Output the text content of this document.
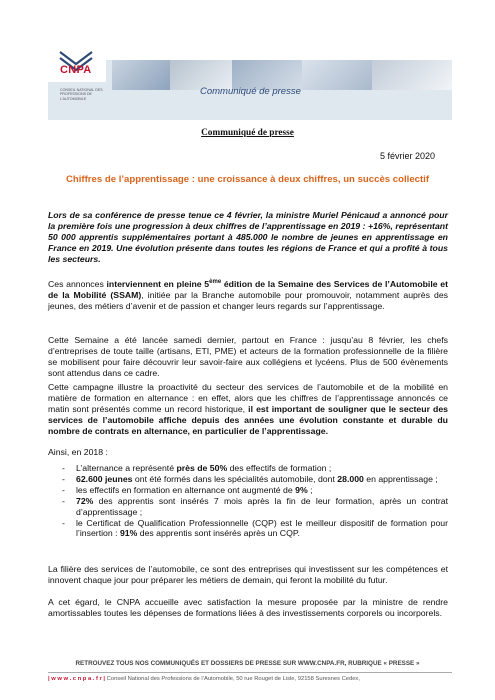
CNPA
CONSEIL NATIONAL DES PROFESSIONS DE L'AUTOMOBILE
Communiqué de presse
Communiqué de presse
5 février 2020
Chiffres de l’apprentissage : une croissance à deux chiffres, un succès collectif
Lors de sa conférence de presse tenue ce 4 février, la ministre Muriel Pénicaud a annoncé pour la première fois une progression à deux chiffres de l’apprentissage en 2019 : +16%, représentant 50 000 apprentis supplémentaires portant à 485.000 le nombre de jeunes en apprentissage en France en 2019. Une évolution présente dans toutes les régions de France et qui a profité à tous les secteurs.
Ces annonces interviennent en pleine 5ème édition de la Semaine des Services de l’Automobile et de la Mobilité (SSAM), initiée par la Branche automobile pour promouvoir, notamment auprès des jeunes, des métiers d’avenir et de passion et changer leurs regards sur l’apprentissage.
Cette Semaine a été lancée samedi dernier, partout en France : jusqu’au 8 février, les chefs d’entreprises de toute taille (artisans, ETI, PME) et acteurs de la formation professionnelle de la filière se mobilisent pour faire découvrir leur savoir-faire aux collégiens et lycéens. Plus de 500 évènements sont attendus dans ce cadre.
Cette campagne illustre la proactivité du secteur des services de l’automobile et de la mobilité en matière de formation en alternance : en effet, alors que les chiffres de l’apprentissage annoncés ce matin sont présentés comme un record historique, il est important de souligner que le secteur des services de l’automobile affiche depuis des années une évolution constante et durable du nombre de contrats en alternance, en particulier de l’apprentissage.
Ainsi, en 2018 :
- L’alternance a représenté près de 50% des effectifs de formation ;
- 62.600 jeunes ont été formés dans les spécialités automobile, dont 28.000 en apprentissage ;
- les effectifs en formation en alternance ont augmenté de 9% ;
- 72% des apprentis sont insérés 7 mois après la fin de leur formation, après un contrat d’apprentissage ;
- le Certificat de Qualification Professionnelle (CQP) est le meilleur dispositif de formation pour l’insertion : 91% des apprentis sont insérés après un CQP.
La filière des services de l’automobile, ce sont des entreprises qui investissent sur les compétences et innovent chaque jour pour préparer les métiers de demain, qui feront la mobilité du futur.
A cet égard, le CNPA accueille avec satisfaction la mesure proposée par la ministre de rendre amortissables toutes les dépenses de formations liées à des investissements corporels ou incorporels.
RETROUVEZ TOUS NOS COMMUNIQUÉS ET DOSSIERS DE PRESSE SUR WWW.CNPA.FR, RUBRIQUE « PRESSE »
| w w w . c n p a . f r | Conseil National des Professions de l’Automobile, 50 rue Rouget de Lisle, 92158 Suresnes Cedex,
